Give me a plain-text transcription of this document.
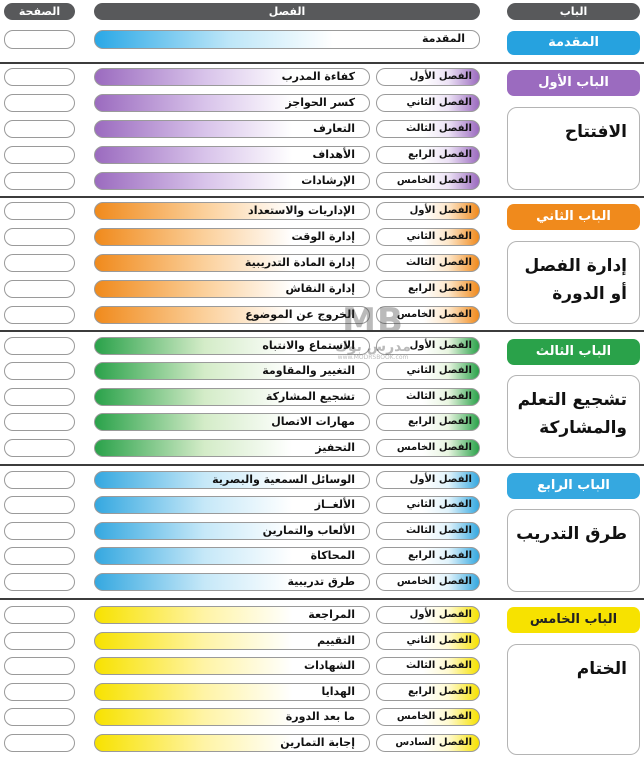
الباب
الفصل
الصفحة
المقدمة
المقدمة
الباب الأول
الافتتاح
الفصل الأول
كفاءة المدرب
الفصل الثاني
كسر الحواجز
الفصل الثالث
التعارف
الفصل الرابع
الأهداف
الفصل الخامس
الإرشادات
الباب الثاني
إدارة الفصل أو الدورة
الفصل الأول
الإداريات والاستعداد
الفصل الثاني
إدارة الوقت
الفصل الثالث
إدارة المادة التدريبية
الفصل الرابع
إدارة النقاش
الفصل الخامس
الخروج عن الموضوع
الباب الثالث
تشجيع التعلم والمشاركة
الفصل الأول
الاستماع والانتباه
الفصل الثاني
التغيير والمقاومة
الفصل الثالث
تشجيع المشاركة
الفصل الرابع
مهارات الاتصال
الفصل الخامس
التحفيز
الباب الرابع
طرق التدريب
الفصل الأول
الوسائل السمعية والبصرية
الفصل الثاني
الألغــاز
الفصل الثالث
الألعاب والتمارين
الفصل الرابع
المحاكاة
الفصل الخامس
طرق تدريبية
الباب الخامس
الختام
الفصل الأول
المراجعة
الفصل الثاني
التقييم
الفصل الثالث
الشهادات
الفصل الرابع
الهدايا
الفصل الخامس
ما بعد الدورة
الفصل السادس
إجابة التمارين
MB
مدرس بوك
www.MODRSBOOK.com
